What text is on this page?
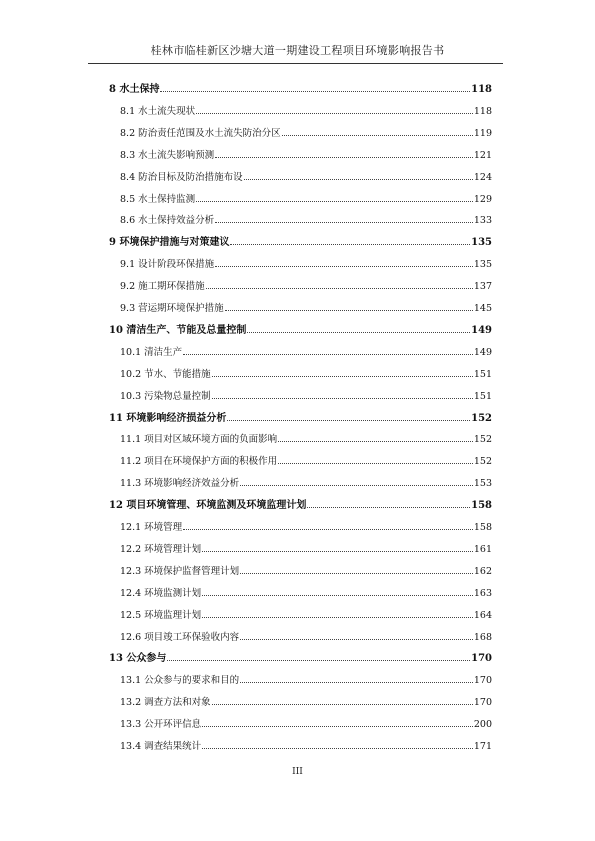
桂林市临桂新区沙塘大道一期建设工程项目环境影响报告书
8 水土保持	118
8.1 水土流失现状	118
8.2 防治责任范围及水土流失防治分区	119
8.3 水土流失影响预测	121
8.4 防治目标及防治措施布设	124
8.5 水土保持监测	129
8.6 水土保持效益分析	133
9 环境保护措施与对策建议	135
9.1 设计阶段环保措施	135
9.2 施工期环保措施	137
9.3 营运期环境保护措施	145
10 清洁生产、节能及总量控制	149
10.1 清洁生产	149
10.2 节水、节能措施	151
10.3 污染物总量控制	151
11 环境影响经济损益分析	152
11.1 项目对区域环境方面的负面影响	152
11.2 项目在环境保护方面的积极作用	152
11.3 环境影响经济效益分析	153
12 项目环境管理、环境监测及环境监理计划	158
12.1 环境管理	158
12.2 环境管理计划	161
12.3 环境保护监督管理计划	162
12.4 环境监测计划	163
12.5 环境监理计划	164
12.6 项目竣工环保验收内容	168
13 公众参与	170
13.1 公众参与的要求和目的	170
13.2 调查方法和对象	170
13.3 公开环评信息	200
13.4 调查结果统计	171
III
